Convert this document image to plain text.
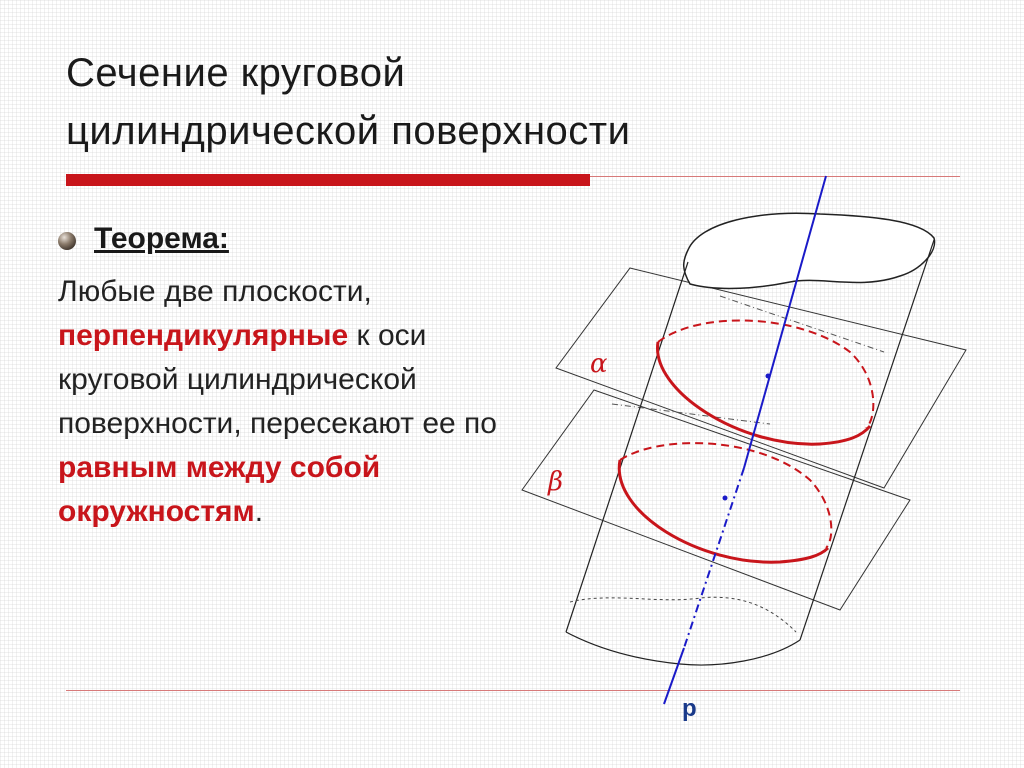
Сечение круговой
цилиндрической поверхности
Теорема:
Любые две плоскости, перпендикулярные к оси круговой цилиндрической поверхности, пересекают ее по равным между собой окружностям.
α
β
p
